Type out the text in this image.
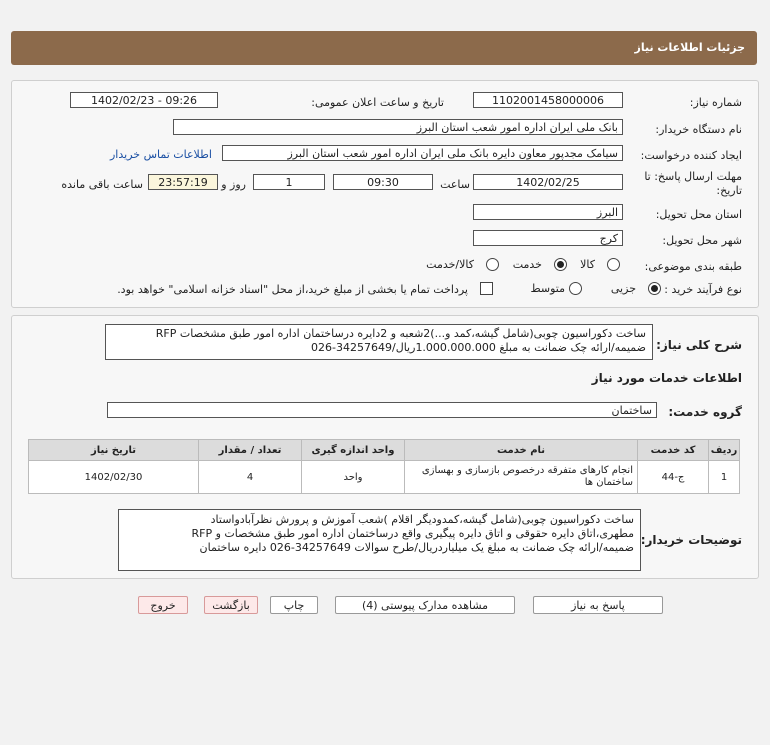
جزئیات اطلاعات نیاز
شماره نیاز:
1102001458000006
تاریخ و ساعت اعلان عمومی:
1402/02/23 - 09:26
نام دستگاه خریدار:
بانک ملی ایران اداره امور شعب استان البرز
ایجاد کننده درخواست:
سیامک مجدپور معاون دایره بانک ملی ایران اداره امور شعب استان البرز
اطلاعات تماس خریدار
مهلت ارسال پاسخ: تا
تاریخ:
1402/02/25
ساعت
09:30
1
روز و
23:57:19
ساعت باقی مانده
استان محل تحویل:
البرز
شهر محل تحویل:
کرج
طبقه بندی موضوعی:
کالا
خدمت
کالا/خدمت
نوع فرآیند خرید :
جزیی
متوسط
پرداخت تمام یا بخشی از مبلغ خرید،از محل "اسناد خزانه اسلامی" خواهد بود.
شرح کلی نیاز:
ساخت دکوراسیون چوبی(شامل گیشه،کمد و...)2شعبه و 2دایره درساختمان اداره امور طبق مشخصات RFP
ضمیمه/ارائه چک ضمانت به مبلغ 1.000.000.000ریال/34257649-026
اطلاعات خدمات مورد نیاز
گروه خدمت:
ساختمان
ردیف	کد خدمت	نام خدمت	واحد اندازه گیری	تعداد / مقدار	تاریخ نیاز
1	ج-44	انجام کارهای متفرقه درخصوص بازسازی و بهسازی ساختمان ها	واحد	4	1402/02/30
توضیحات خریدار:
ساخت دکوراسیون چوبی(شامل گیشه،کمدودیگر اقلام )شعب آموزش و پرورش نظرآبادواستاد
مطهری،اتاق دایره حقوقی و اتاق دایره پیگیری واقع درساختمان اداره امور طبق مشخصات و RFP
ضمیمه/ارائه چک ضمانت به مبلغ یک میلیاردریال/طرح سوالات 34257649-026 دایره ساختمان
پاسخ به نیاز
مشاهده مدارک پیوستی (4)
چاپ
بازگشت
خروج
